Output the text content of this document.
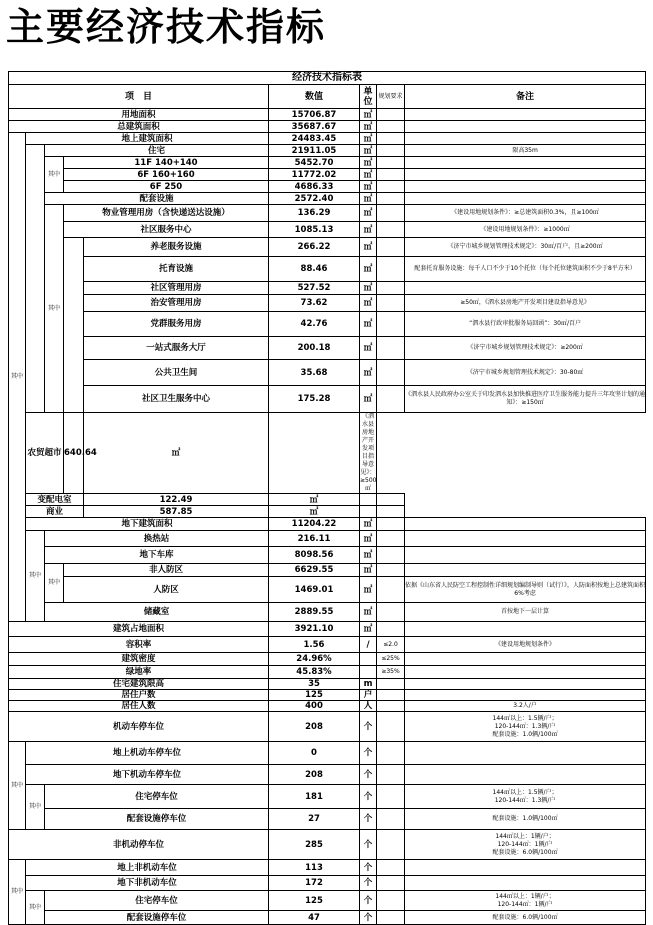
主要经济技术指标
经济技术指标表								
项　目					数值	单位	规划要求	备注
用地面积					15706.87	㎡		
总建筑面积					35687.67	㎡		
其中	地上建筑面积				24483.45	㎡		
		住宅			21911.05	㎡		限高35m
		其中	11F 140+140		5452.70	㎡		
			6F 160+160		11772.02	㎡		
			6F 250		4686.33	㎡		
		配套设施			2572.40	㎡		
		其中	物业管理用房（含快递送达设施）		136.29	㎡		《建设用地规划条件》：≥总建筑面积0.3%，且≥100㎡
			社区服务中心		1085.13	㎡		《建设用地规划条件》：≥1000㎡
				养老服务设施	266.22	㎡		《济宁市城乡规划管理技术规定》：30㎡/百户，且≥200㎡
				托育设施	88.46	㎡		配套托育服务设施：每千人口不少于10个托位（每个托位建筑面积不少于8平方米）
				社区管理用房	527.52	㎡		
				治安管理用房	73.62	㎡		≥50㎡，《泗水县房地产开发项目建设指导意见》
				党群服务用房	42.76	㎡		“泗水县行政审批服务局回函”：30㎡/百户
				一站式服务大厅	200.18	㎡		《济宁市城乡规划管理技术规定》：≥200㎡
				公共卫生间	35.68	㎡		《济宁市城乡规划管理技术规定》：30-80㎡
				社区卫生服务中心	175.28	㎡		《泗水县人民政府办公室关于印发泗水县加快推进医疗卫生服务能力提升三年攻坚计划的通知》：≥150㎡
	农贸超市		640.64	㎡		《泗水县房地产开发项目指导意见》：≥500㎡		
	变配电室			122.49	㎡			
	商业			587.85	㎡			
	地下建筑面积				11204.22	㎡		
	其中	换热站			216.11	㎡		
		地下车库			8098.56	㎡		
		其中	非人防区		6629.55	㎡		
			人防区		1469.01	㎡		依据《山东省人民防空工程控制性详细规划编制导则（试行）》，人防面积按地上总建筑面积6%考虑
		储藏室			2889.55	㎡		首按地下一层计算
建筑占地面积					3921.10	㎡		
容积率					1.56	/	≤2.0	《建设用地规划条件》
建筑密度					24.96%		≤25%	
绿地率					45.83%		≥35%	
住宅建筑限高					35	m		
居住户数					125	户		
居住人数					400	人		3.2人/户
机动车停车位					208	个		144㎡以上：1.5辆/户；
120-144㎡：1.3辆/户
配套设施：1.0辆/100㎡

其中	地上机动车停车位				0	个		
	地下机动车停车位				208	个		
	其中	住宅停车位			181	个		144㎡以上：1.5辆/户；
120-144㎡：1.3辆/户

		配套设施停车位			27	个		配套设施：1.0辆/100㎡
非机动停车位					285	个		144㎡以上：1辆/户；
120-144㎡：1辆/户
配套设施：6.0辆/100㎡

其中	地上非机动车位				113	个		
	地下非机动车位				172	个		
	其中	住宅停车位			125	个		144㎡以上：1辆/户；
120-144㎡：1辆/户

		配套设施停车位			47	个		配套设施：6.0辆/100㎡
